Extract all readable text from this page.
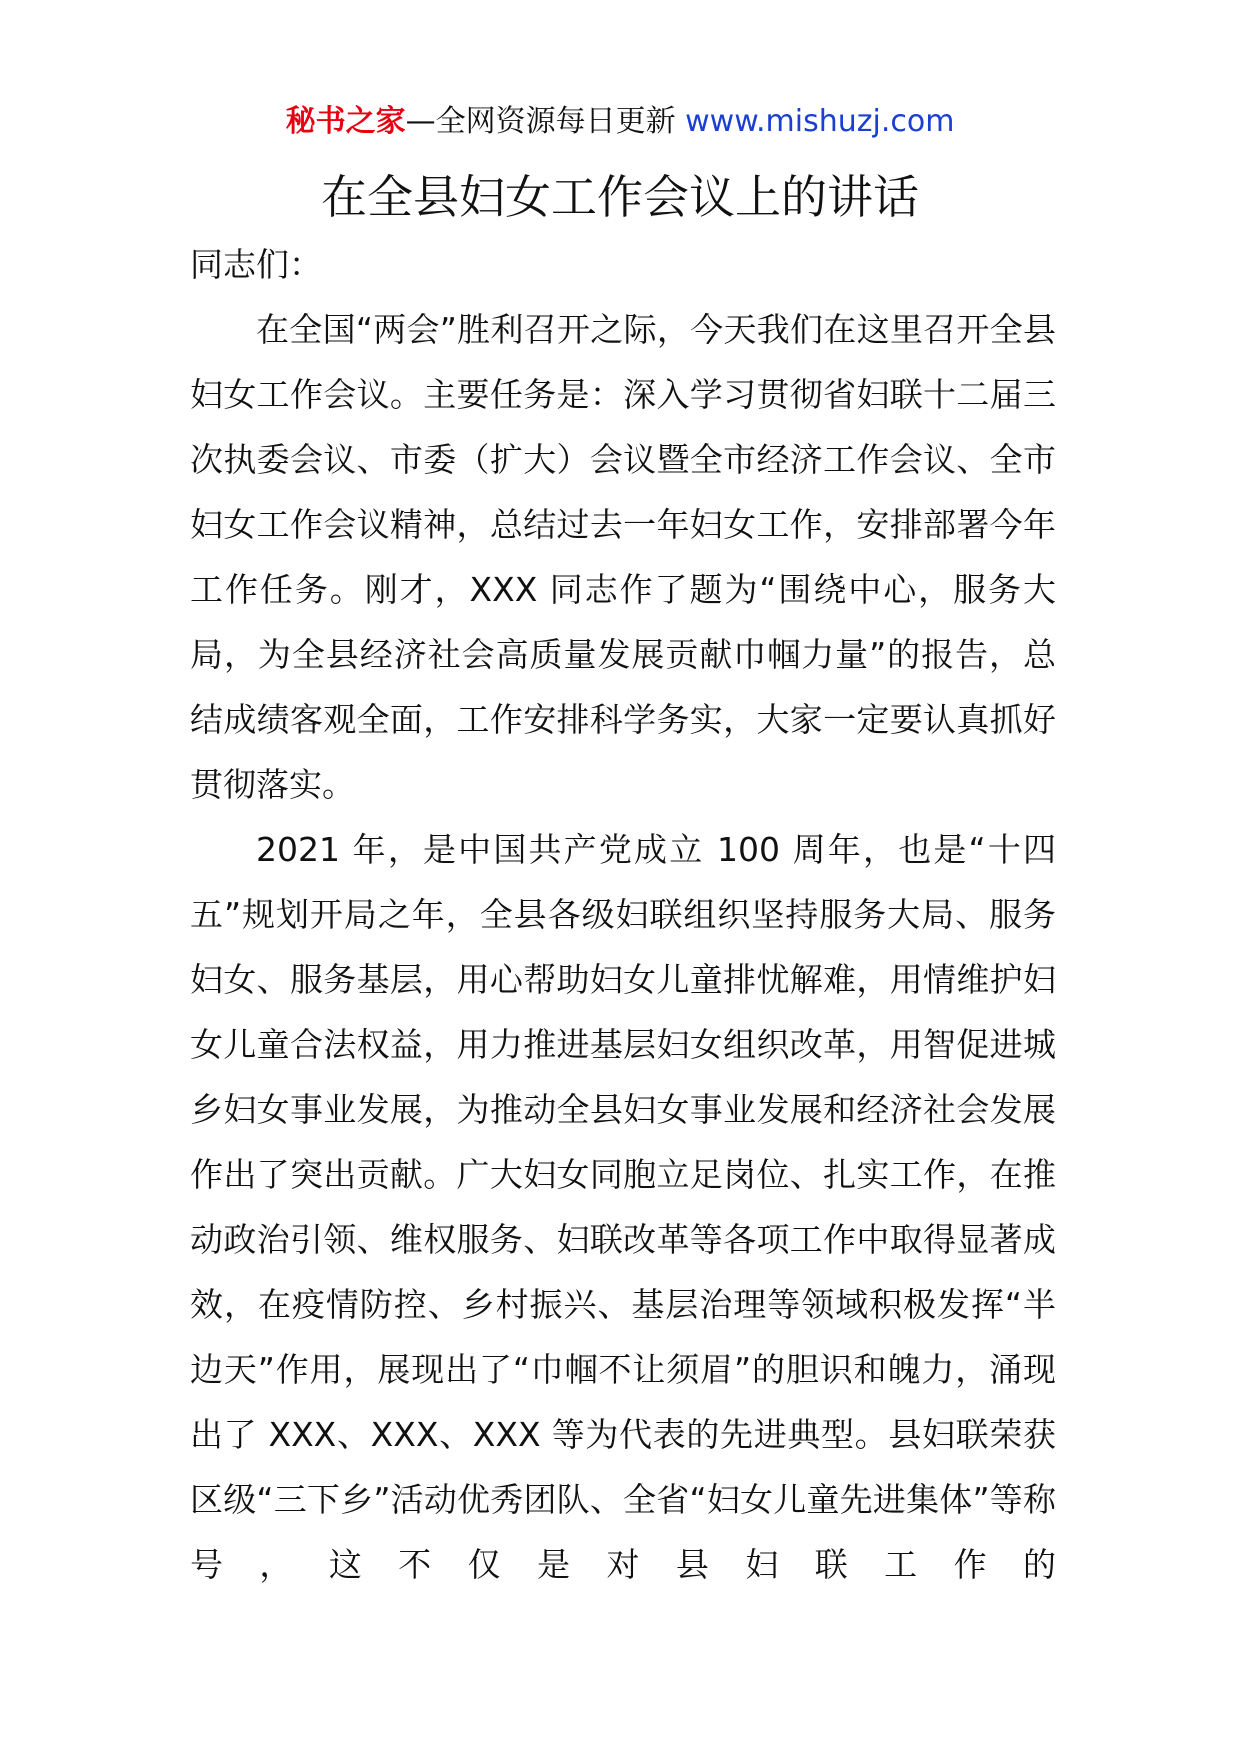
秘书之家—全网资源每日更新 www.mishuzj.com
在全县妇女工作会议上的讲话

同志们：

在全国“两会”胜利召开之际，今天我们在这里召开全县妇女工作会议。主要任务是：深入学习贯彻省妇联十二届三次执委会议、市委（扩大）会议暨全市经济工作会议、全市妇女工作会议精神，总结过去一年妇女工作，安排部署今年工作任务。刚才，XXX 同志作了题为“围绕中心，服务大局，为全县经济社会高质量发展贡献巾帼力量”的报告，总结成绩客观全面，工作安排科学务实，大家一定要认真抓好贯彻落实。

2021 年，是中国共产党成立 100 周年，也是“十四五”规划开局之年，全县各级妇联组织坚持服务大局、服务妇女、服务基层，用心帮助妇女儿童排忧解难，用情维护妇女儿童合法权益，用力推进基层妇女组织改革，用智促进城乡妇女事业发展，为推动全县妇女事业发展和经济社会发展作出了突出贡献。广大妇女同胞立足岗位、扎实工作，在推动政治引领、维权服务、妇联改革等各项工作中取得显著成效，在疫情防控、乡村振兴、基层治理等领域积极发挥“半边天”作用，展现出了“巾帼不让须眉”的胆识和魄力，涌现出了 XXX、XXX、XXX 等为代表的先进典型。县妇联荣获区级“三下乡”活动优秀团队、全省“妇女儿童先进集体”等称号，这不仅是对县妇联工作的
